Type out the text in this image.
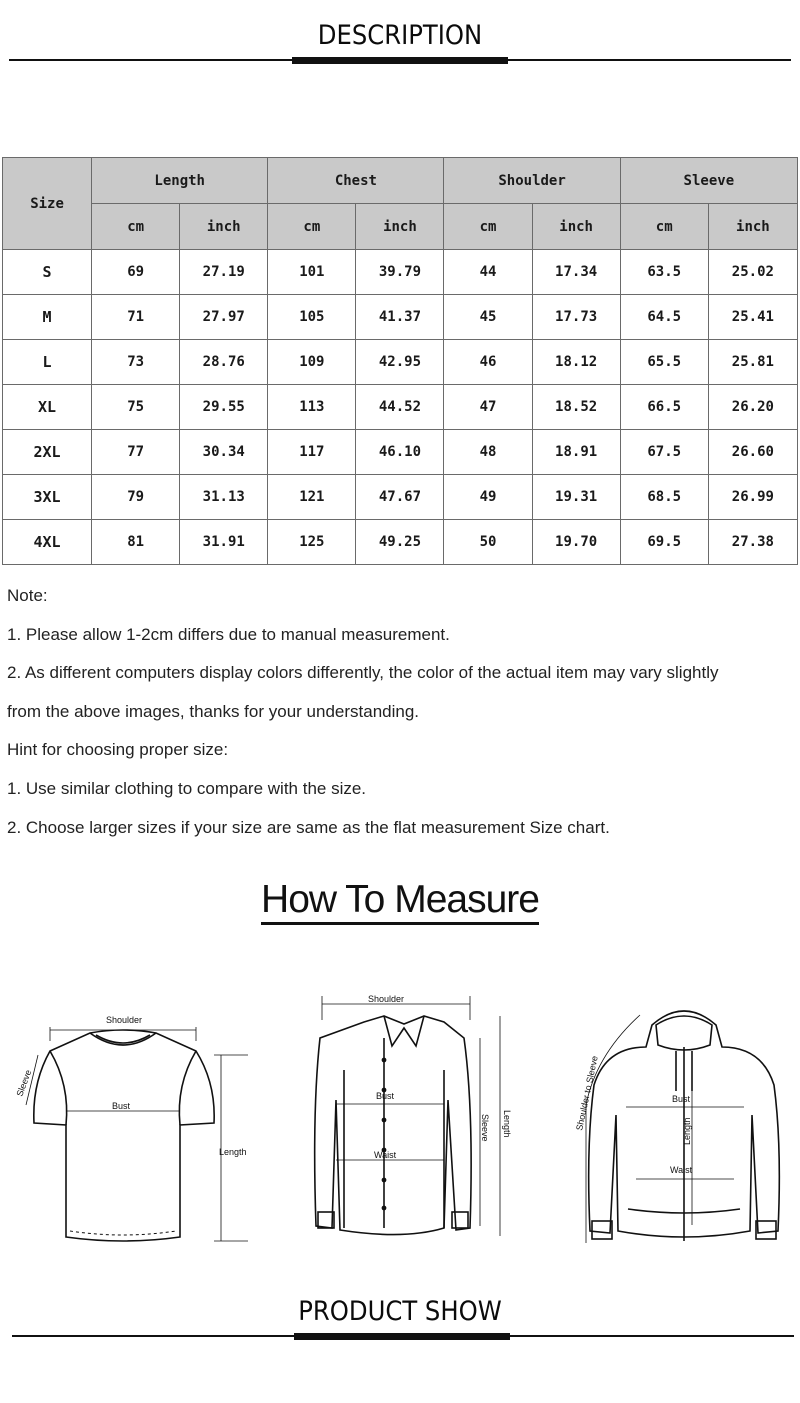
DESCRIPTION
Size	Length		Chest		Shoulder		Sleeve	
	cm	inch	cm	inch	cm	inch	cm	inch
S	69	27.19	101	39.79	44	17.34	63.5	25.02
M	71	27.97	105	41.37	45	17.73	64.5	25.41
L	73	28.76	109	42.95	46	18.12	65.5	25.81
XL	75	29.55	113	44.52	47	18.52	66.5	26.20
2XL	77	30.34	117	46.10	48	18.91	67.5	26.60
3XL	79	31.13	121	47.67	49	19.31	68.5	26.99
4XL	81	31.91	125	49.25	50	19.70	69.5	27.38

Note:

1. Please allow 1-2cm differs due to manual measurement.

2. As different computers display colors differently, the color of the actual item may vary slightly

from the above images, thanks for your understanding.

Hint for choosing proper size:

1. Use similar clothing to compare with the size.

2. Choose larger sizes if your size are same as the flat measurement Size chart.

How To Measure
Shoulder
Bust
Length
Sleeve
Shoulder
Bust
Waist
Sleeve Length
Bust
Waist
Length
Shoulder to Sleeve
PRODUCT SHOW
